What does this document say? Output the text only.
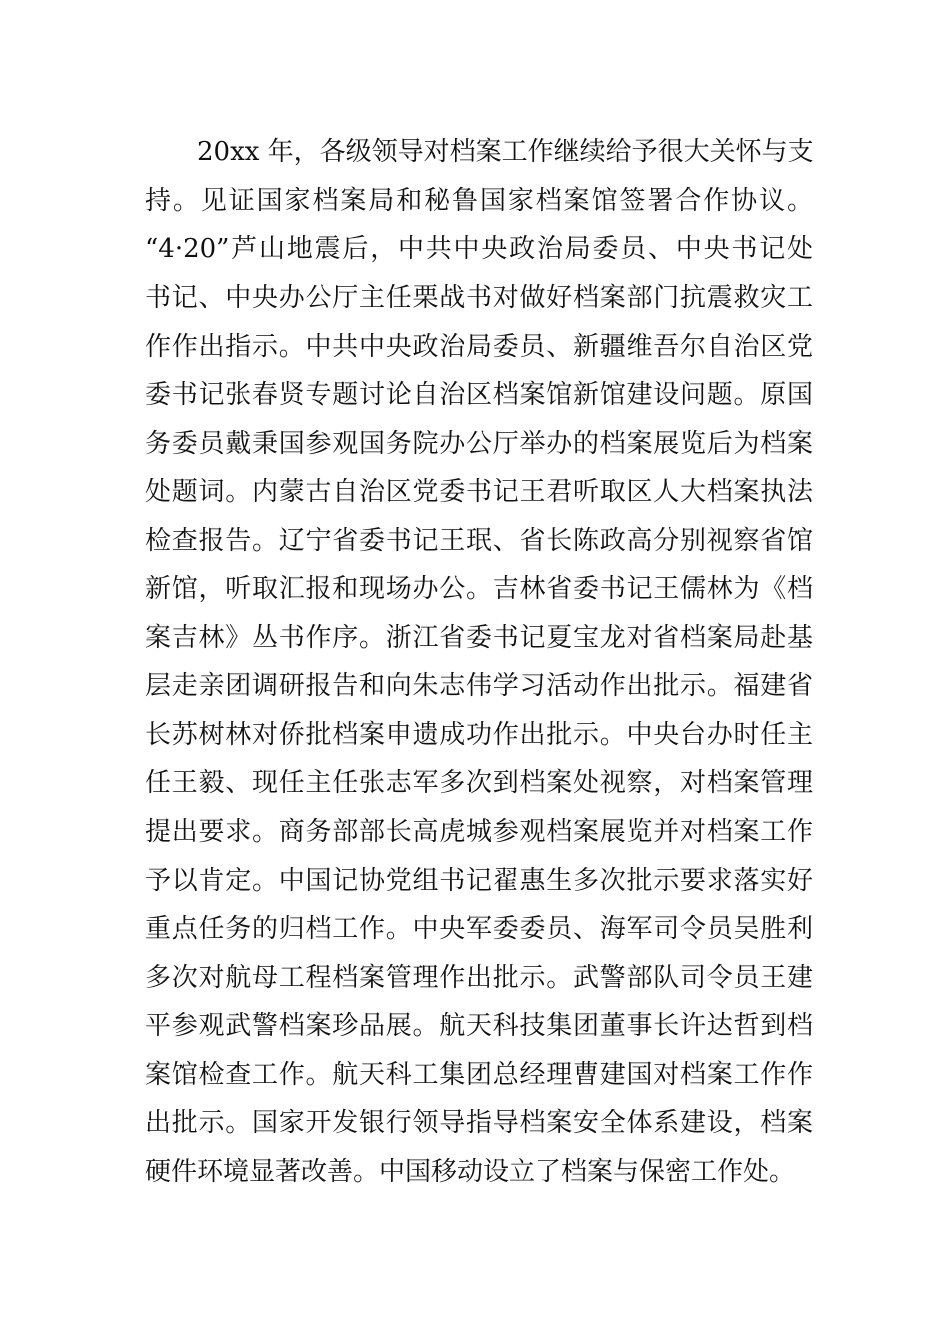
20xx 年，各级领导对档案工作继续给予很大关怀与支
持。见证国家档案局和秘鲁国家档案馆签署合作协议。
“4·20”芦山地震后，中共中央政治局委员、中央书记处
书记、中央办公厅主任栗战书对做好档案部门抗震救灾工
作作出指示。中共中央政治局委员、新疆维吾尔自治区党
委书记张春贤专题讨论自治区档案馆新馆建设问题。原国
务委员戴秉国参观国务院办公厅举办的档案展览后为档案
处题词。内蒙古自治区党委书记王君听取区人大档案执法
检查报告。辽宁省委书记王珉、省长陈政高分别视察省馆
新馆，听取汇报和现场办公。吉林省委书记王儒林为《档
案吉林》丛书作序。浙江省委书记夏宝龙对省档案局赴基
层走亲团调研报告和向朱志伟学习活动作出批示。福建省
长苏树林对侨批档案申遗成功作出批示。中央台办时任主
任王毅、现任主任张志军多次到档案处视察，对档案管理
提出要求。商务部部长高虎城参观档案展览并对档案工作
予以肯定。中国记协党组书记翟惠生多次批示要求落实好
重点任务的归档工作。中央军委委员、海军司令员吴胜利
多次对航母工程档案管理作出批示。武警部队司令员王建
平参观武警档案珍品展。航天科技集团董事长许达哲到档
案馆检查工作。航天科工集团总经理曹建国对档案工作作
出批示。国家开发银行领导指导档案安全体系建设，档案
硬件环境显著改善。中国移动设立了档案与保密工作处。
